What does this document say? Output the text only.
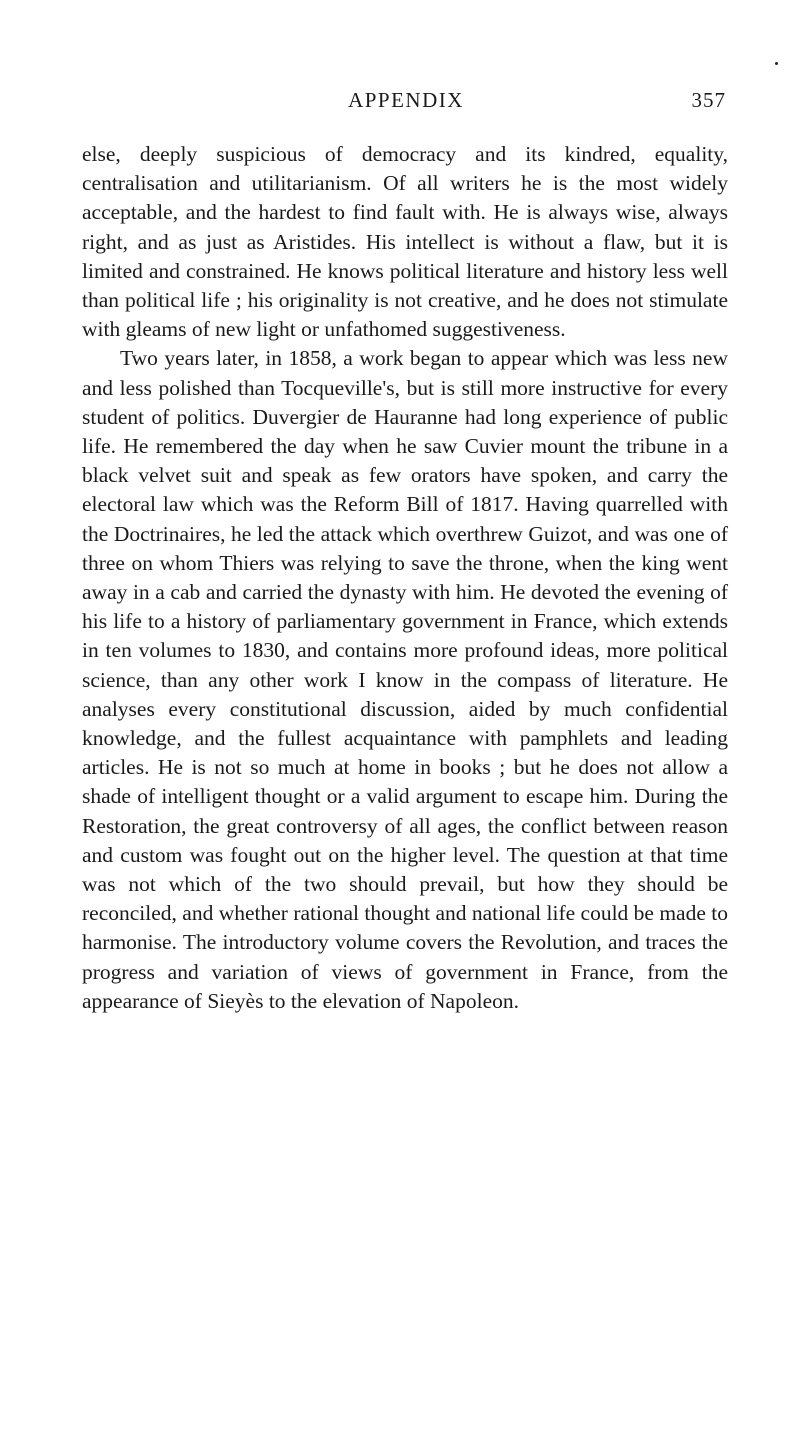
APPENDIX	357

else, deeply suspicious of democracy and its kindred, equality, centralisation and utilitarianism. Of all writers he is the most widely acceptable, and the hardest to find fault with. He is always wise, always right, and as just as Aristides. His intellect is without a flaw, but it is limited and constrained. He knows political literature and history less well than political life ; his originality is not creative, and he does not stimulate with gleams of new light or unfathomed suggestiveness.

Two years later, in 1858, a work began to appear which was less new and less polished than Tocqueville's, but is still more instructive for every student of politics. Duvergier de Hauranne had long experience of public life. He remembered the day when he saw Cuvier mount the tribune in a black velvet suit and speak as few orators have spoken, and carry the electoral law which was the Reform Bill of 1817. Having quarrelled with the Doctrinaires, he led the attack which overthrew Guizot, and was one of three on whom Thiers was relying to save the throne, when the king went away in a cab and carried the dynasty with him. He devoted the evening of his life to a history of parliamentary government in France, which extends in ten volumes to 1830, and contains more profound ideas, more political science, than any other work I know in the compass of literature. He analyses every constitutional discussion, aided by much confidential knowledge, and the fullest acquaintance with pamphlets and leading articles. He is not so much at home in books ; but he does not allow a shade of intelligent thought or a valid argument to escape him. During the Restoration, the great controversy of all ages, the conflict between reason and custom was fought out on the higher level. The question at that time was not which of the two should prevail, but how they should be reconciled, and whether rational thought and national life could be made to harmonise. The introductory volume covers the Revolution, and traces the progress and variation of views of government in France, from the appearance of Sieyès to the elevation of Napoleon.
